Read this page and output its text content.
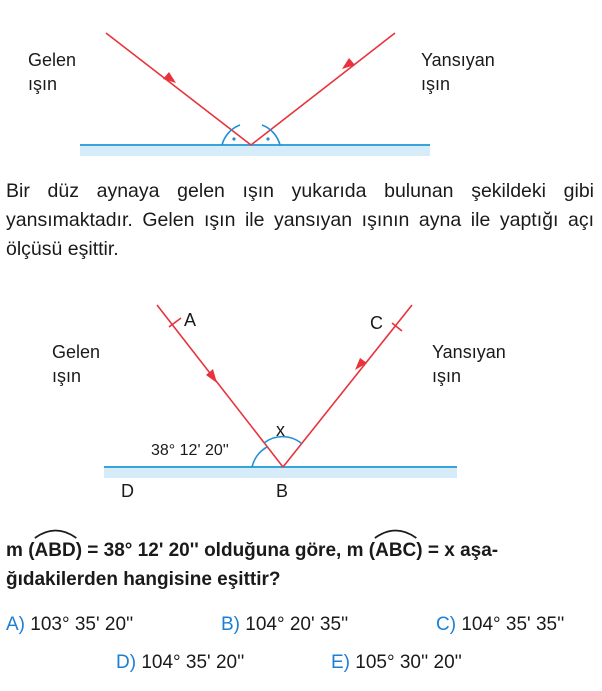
Gelen
ışın
Yansıyan
ışın
Bir düz aynaya gelen ışın yukarıda bulunan şekildeki gibi yansımaktadır. Gelen ışın ile yansıyan ışının ayna ile yaptığı açı ölçüsü eşittir.
Gelen
ışın
Yansıyan
ışın
A	C
B
D
x
38° 12' 20''
m (
ABD) = 38° 12' 20'' olduğuna göre, m (
ABC) = x aşa-
ğıdakilerden hangisine eşittir?
A) 103° 35' 20''	B) 104° 20' 35''	C) 104° 35' 35''
D) 104° 35' 20''	E) 105° 30'' 20''
